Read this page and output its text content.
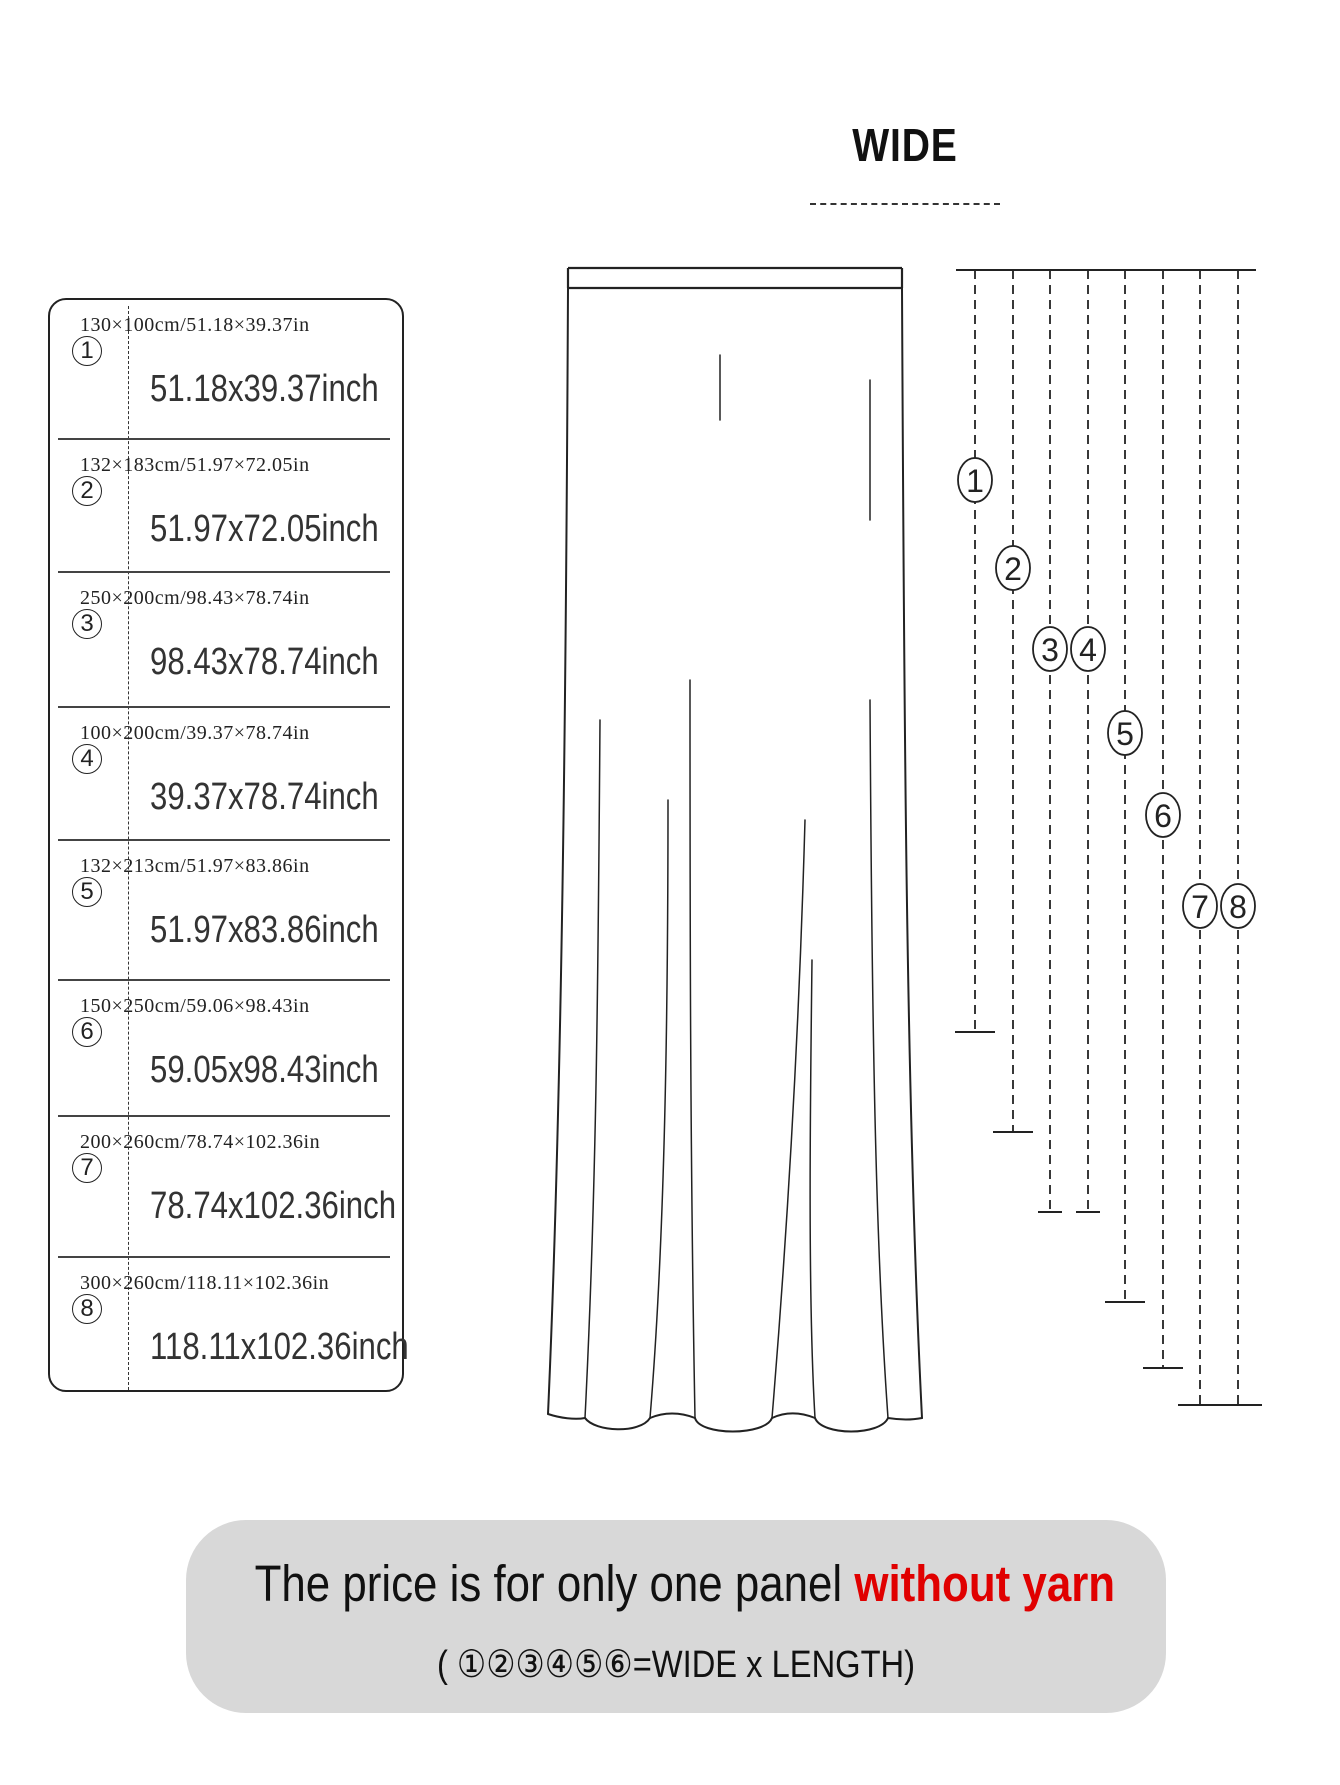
WIDE
130×100cm/51.18×39.37in
1
51.18x39.37inch
132×183cm/51.97×72.05in
2
51.97x72.05inch
250×200cm/98.43×78.74in
3
98.43x78.74inch
100×200cm/39.37×78.74in
4
39.37x78.74inch
132×213cm/51.97×83.86in
5
51.97x83.86inch
150×250cm/59.06×98.43in
6
59.05x98.43inch
200×260cm/78.74×102.36in
7
78.74x102.36inch
300×260cm/118.11×102.36in
8
118.11x102.36inch
1
2
3 4
5
6
7 8
The price is for only one panel without yarn
( ①②③④⑤⑥=WIDE x LENGTH)
